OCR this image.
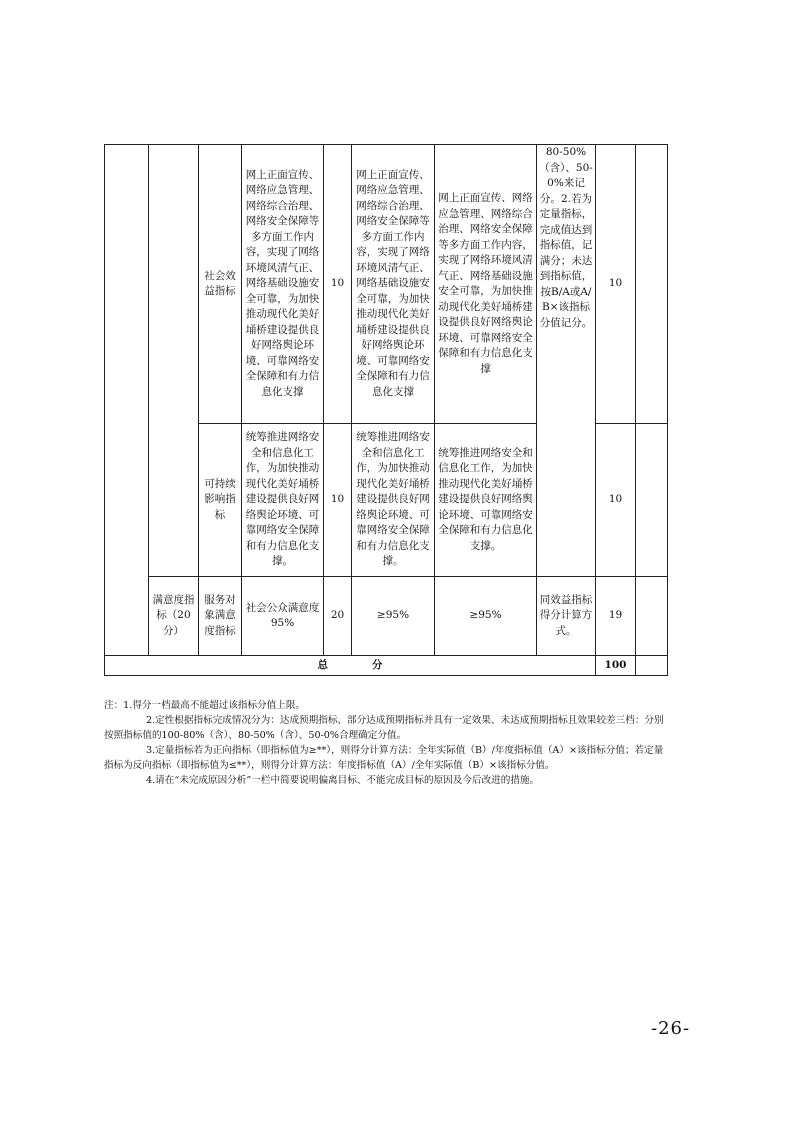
		社会效益指标	网上正面宣传、网络应急管理、网络综合治理、网络安全保障等多方面工作内容，实现了网络环境风清气正、网络基础设施安全可靠，为加快推动现代化美好埇桥建设提供良好网络舆论环境、可靠网络安全保障和有力信息化支撑	10	网上正面宣传、网络应急管理、网络综合治理、网络安全保障等多方面工作内容，实现了网络环境风清气正、网络基础设施安全可靠，为加快推动现代化美好埇桥建设提供良好网络舆论环境、可靠网络安全保障和有力信息化支撑	网上正面宣传、网络应急管理、网络综合治理、网络安全保障等多方面工作内容，实现了网络环境风清气正、网络基础设施安全可靠，为加快推动现代化美好埇桥建设提供良好网络舆论环境、可靠网络安全保障和有力信息化支撑	80-50%（含）、50-0%来记分。2.若为定量指标，完成值达到指标值，记满分；未达到指标值，按B/A或A/B×该指标分值记分。	10	
		可持续影响指标	统筹推进网络安全和信息化工作，为加快推动现代化美好埇桥建设提供良好网络舆论环境、可靠网络安全保障和有力信息化支撑。	10	统筹推进网络安全和信息化工作，为加快推动现代化美好埇桥建设提供良好网络舆论环境、可靠网络安全保障和有力信息化支撑。	统筹推进网络安全和信息化工作，为加快推动现代化美好埇桥建设提供良好网络舆论环境、可靠网络安全保障和有力信息化支撑。		10	
	满意度指标（20分）	服务对象满意度指标	社会公众满意度95%	20	≥95%	≥95%	同效益指标得分计算方式。	19	
总 分								100	

注：1.得分一档最高不能超过该指标分值上限。

2.定性根据指标完成情况分为：达成预期指标、部分达成预期指标并具有一定效果、未达成预期指标且效果较差三档：分别按照指标值的100-80%（含）、80-50%（含）、50-0%合理确定分值。

3.定量指标若为正向指标（即指标值为≥**），则得分计算方法：全年实际值（B）/年度指标值（A）×该指标分值；若定量指标为反向指标（即指标值为≤**），则得分计算方法：年度指标值（A）/全年实际值（B）×该指标分值。

4.请在“未完成原因分析”一栏中简要说明偏离目标、不能完成目标的原因及今后改进的措施。

-26-
